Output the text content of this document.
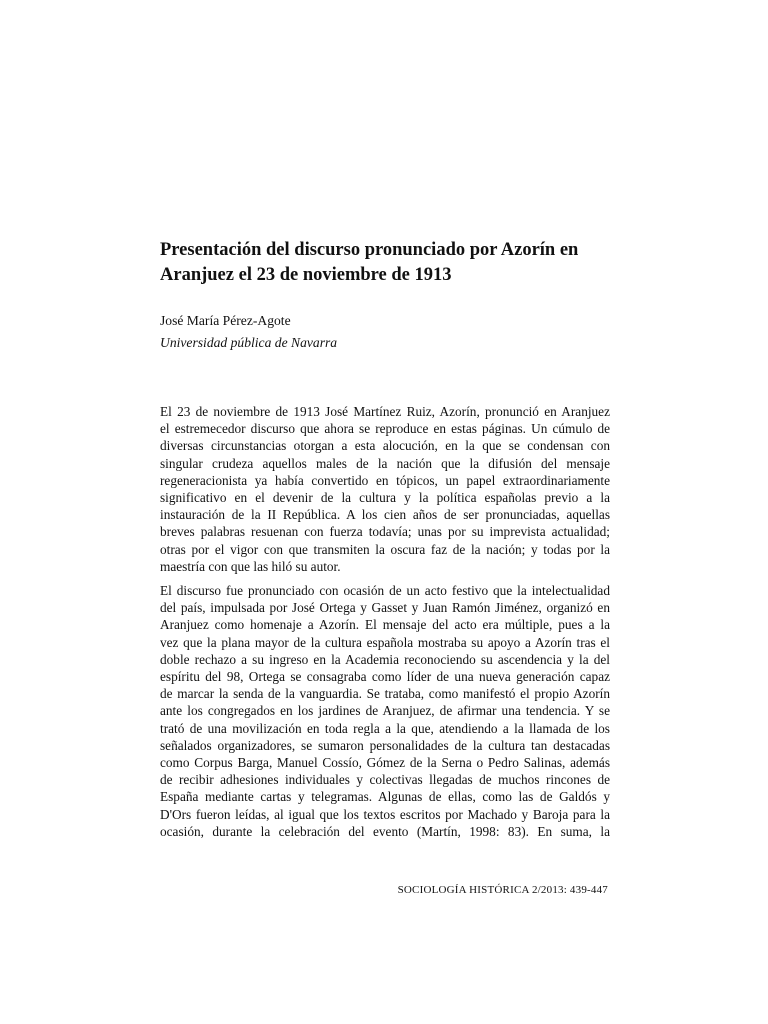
Presentación del discurso pronunciado por Azorín en
Aranjuez el 23 de noviembre de 1913
José María Pérez-Agote
Universidad pública de Navarra

El 23 de noviembre de 1913 José Martínez Ruiz, Azorín, pronunció en Aranjuez
el estremecedor discurso que ahora se reproduce en estas páginas. Un cúmulo de
diversas circunstancias otorgan a esta alocución, en la que se condensan con
singular crudeza aquellos males de la nación que la difusión del mensaje
regeneracionista ya había convertido en tópicos, un papel extraordinariamente
significativo en el devenir de la cultura y la política españolas previo a la
instauración de la II República. A los cien años de ser pronunciadas, aquellas
breves palabras resuenan con fuerza todavía; unas por su imprevista actualidad;
otras por el vigor con que transmiten la oscura faz de la nación; y todas por la
maestría con que las hiló su autor.

El discurso fue pronunciado con ocasión de un acto festivo que la intelectualidad
del país, impulsada por José Ortega y Gasset y Juan Ramón Jiménez, organizó en
Aranjuez como homenaje a Azorín. El mensaje del acto era múltiple, pues a la
vez que la plana mayor de la cultura española mostraba su apoyo a Azorín tras el
doble rechazo a su ingreso en la Academia reconociendo su ascendencia y la del
espíritu del 98, Ortega se consagraba como líder de una nueva generación capaz
de marcar la senda de la vanguardia. Se trataba, como manifestó el propio Azorín
ante los congregados en los jardines de Aranjuez, de afirmar una tendencia. Y se
trató de una movilización en toda regla a la que, atendiendo a la llamada de los
señalados organizadores, se sumaron personalidades de la cultura tan destacadas
como Corpus Barga, Manuel Cossío, Gómez de la Serna o Pedro Salinas, además
de recibir adhesiones individuales y colectivas llegadas de muchos rincones de
España mediante cartas y telegramas. Algunas de ellas, como las de Galdós y
D'Ors fueron leídas, al igual que los textos escritos por Machado y Baroja para la
ocasión, durante la celebración del evento (Martín, 1998: 83). En suma, la

SOCIOLOGÍA HISTÓRICA 2/2013: 439-447
